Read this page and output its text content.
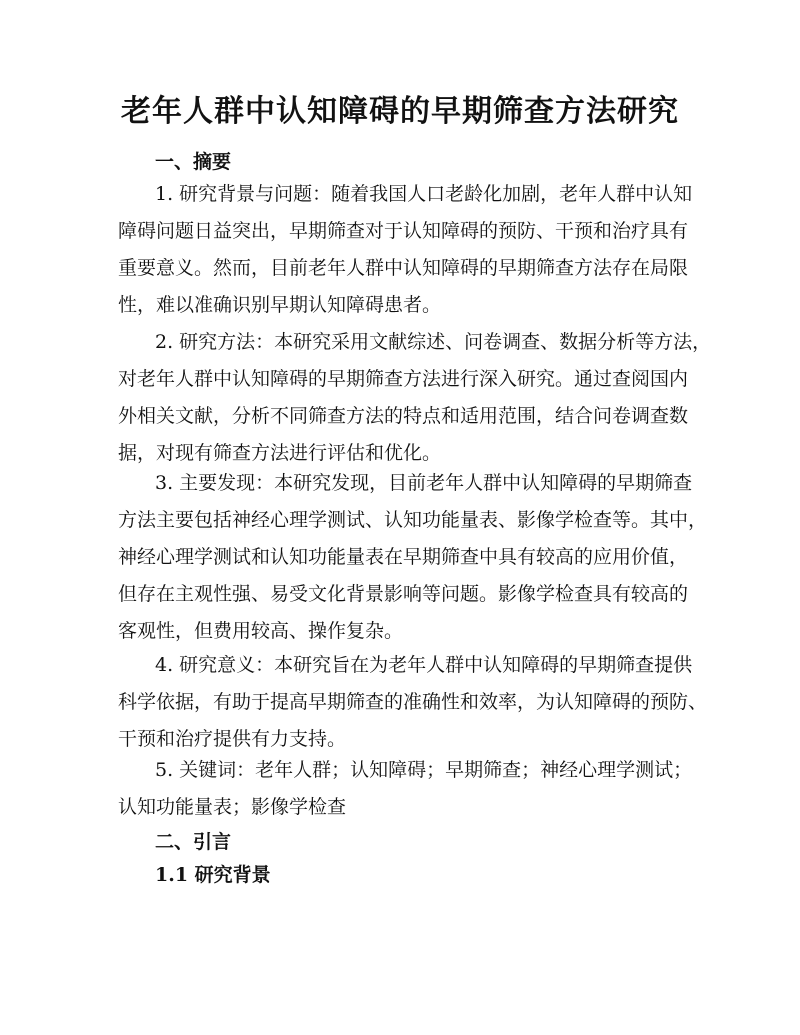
老年人群中认知障碍的早期筛查方法研究
一、摘要
1. 研究背景与问题：随着我国人口老龄化加剧，老年人群中认知
障碍问题日益突出，早期筛查对于认知障碍的预防、干预和治疗具有
重要意义。然而，目前老年人群中认知障碍的早期筛查方法存在局限
性，难以准确识别早期认知障碍患者。
2. 研究方法：本研究采用文献综述、问卷调查、数据分析等方法，
对老年人群中认知障碍的早期筛查方法进行深入研究。通过查阅国内
外相关文献，分析不同筛查方法的特点和适用范围，结合问卷调查数
据，对现有筛查方法进行评估和优化。
3. 主要发现：本研究发现，目前老年人群中认知障碍的早期筛查
方法主要包括神经心理学测试、认知功能量表、影像学检查等。其中，
神经心理学测试和认知功能量表在早期筛查中具有较高的应用价值，
但存在主观性强、易受文化背景影响等问题。影像学检查具有较高的
客观性，但费用较高、操作复杂。
4. 研究意义：本研究旨在为老年人群中认知障碍的早期筛查提供
科学依据，有助于提高早期筛查的准确性和效率，为认知障碍的预防、
干预和治疗提供有力支持。
5. 关键词：老年人群；认知障碍；早期筛查；神经心理学测试；
认知功能量表；影像学检查
二、引言
1.1 研究背景
